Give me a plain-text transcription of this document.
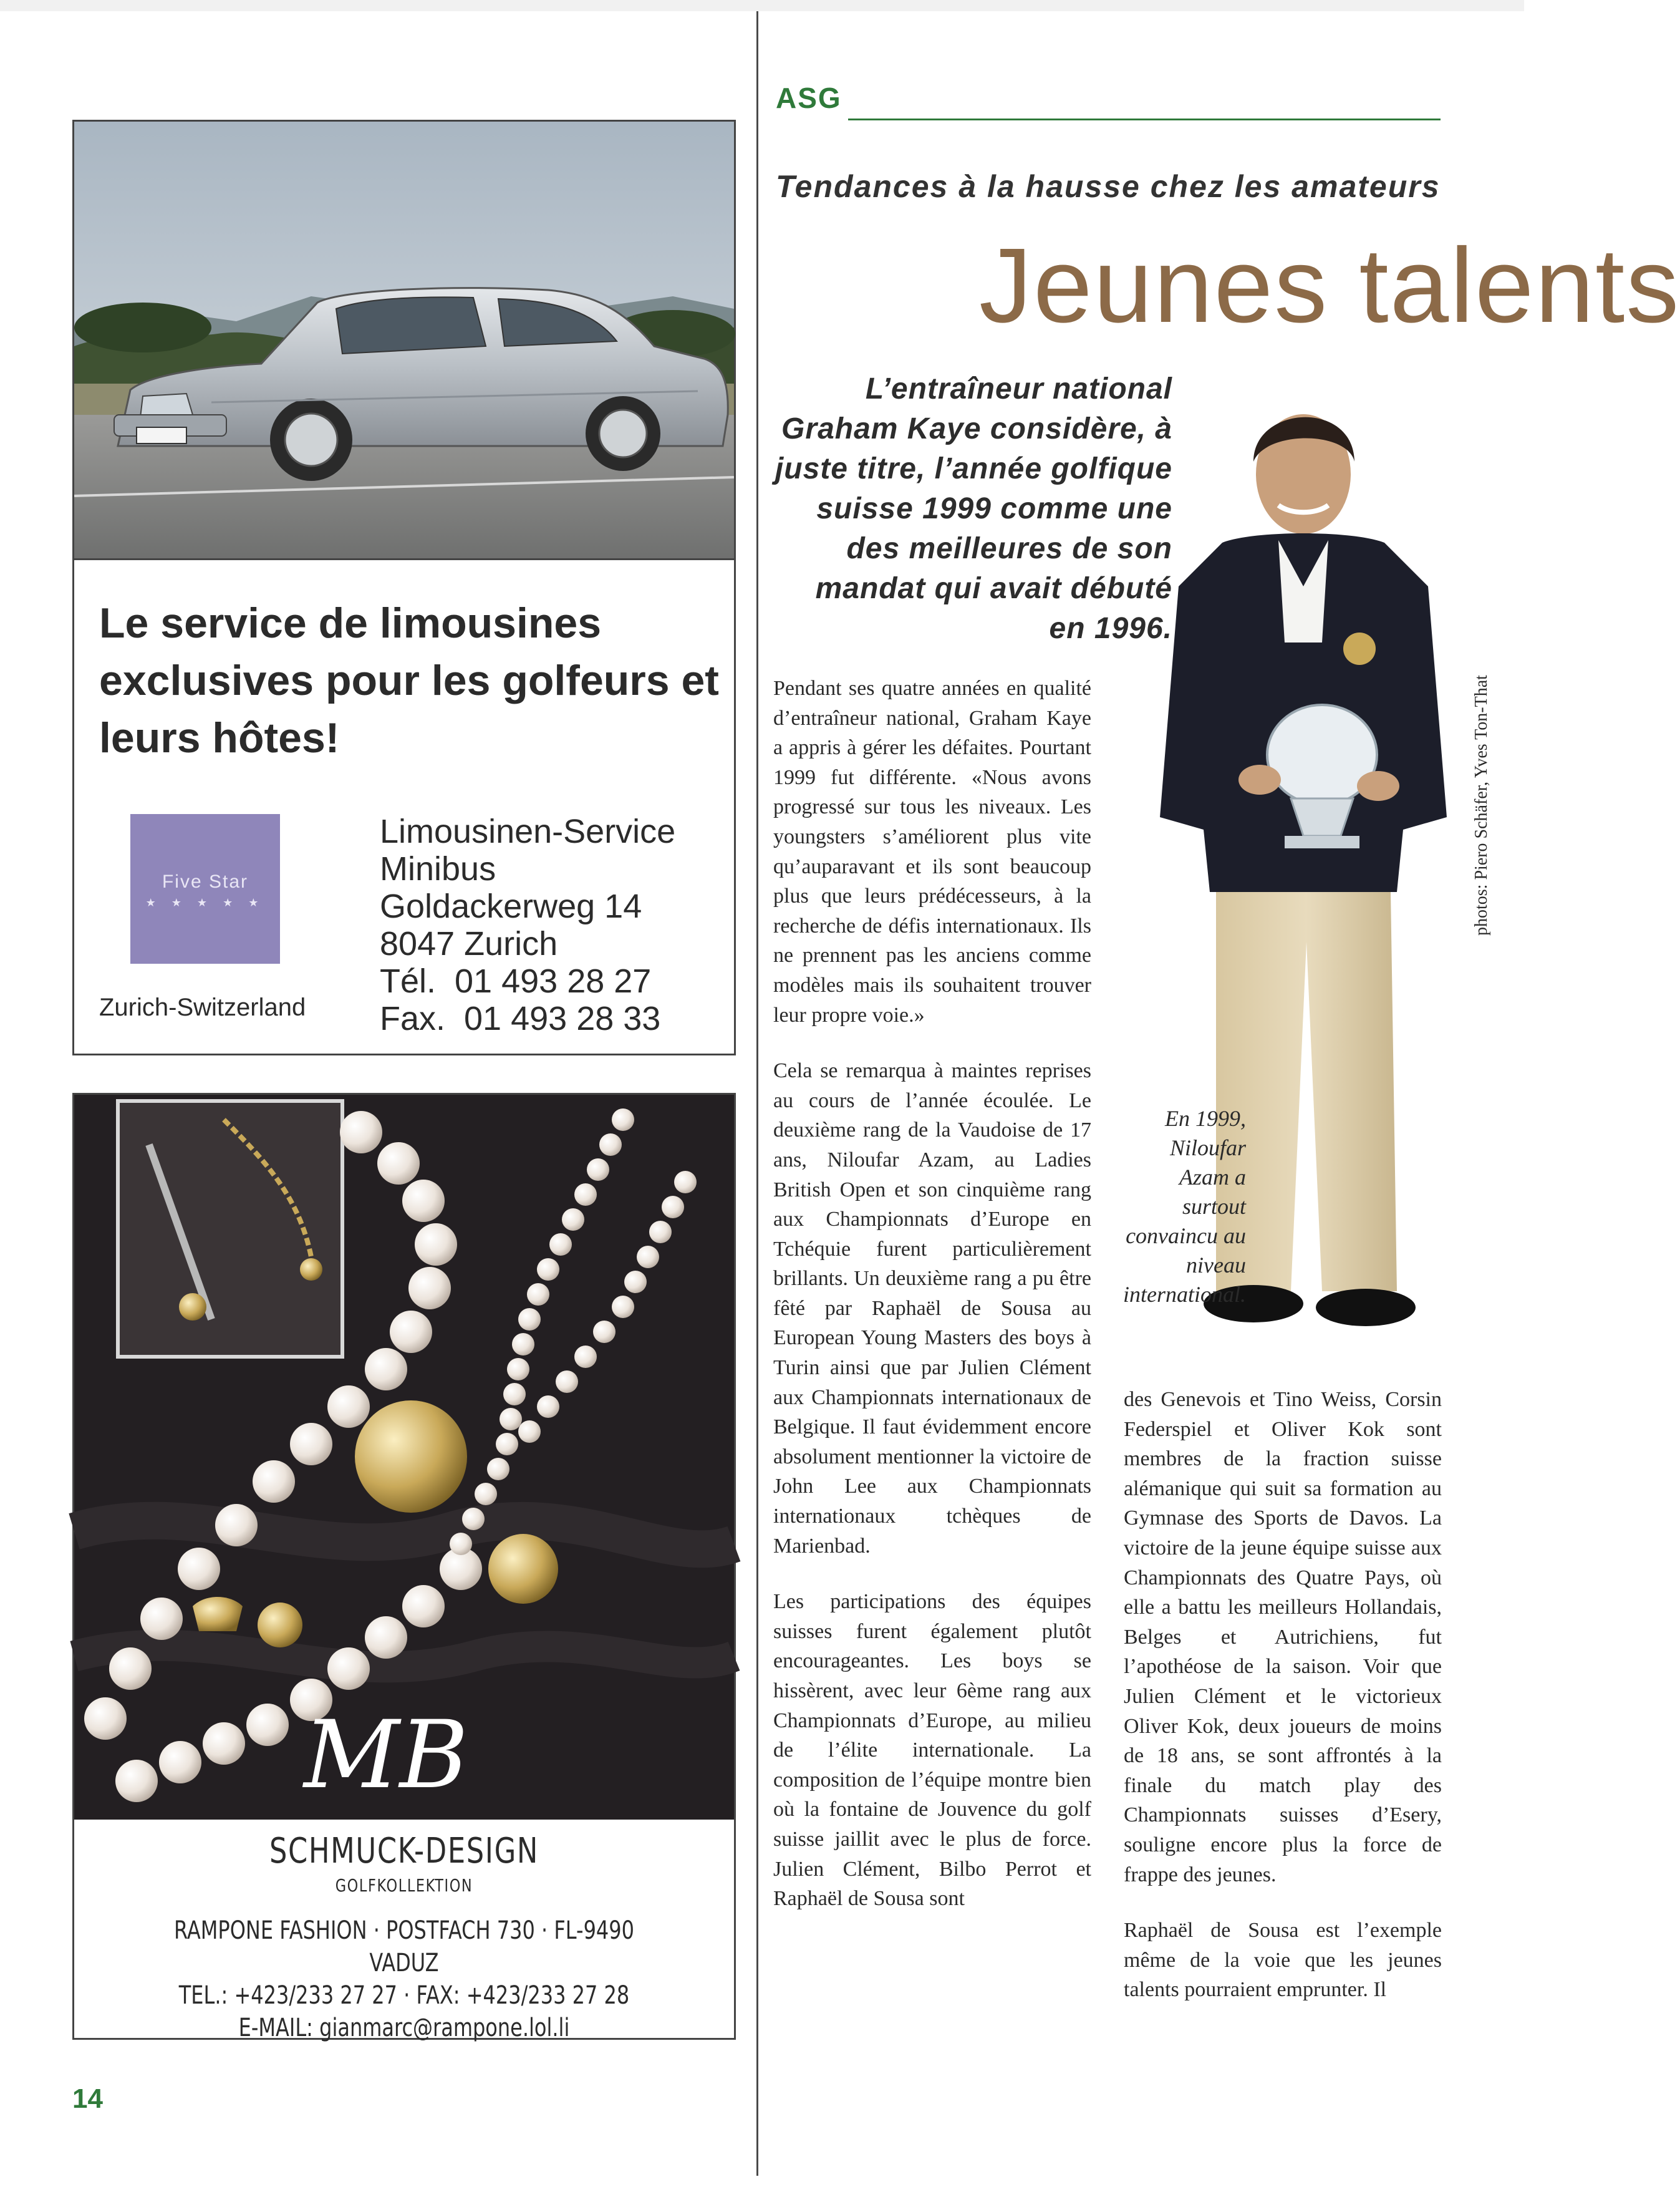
Le service de limousines exclusives pour les golfeurs et leurs hôtes!
Five Star
★ ★ ★ ★ ★
Zurich-Switzerland
Limousinen-Service
Minibus
Goldackerweg 14
8047 Zurich
Tél.  01 493 28 27
Fax.  01 493 28 33
MB
SCHMUCK-DESIGN
GOLFKOLLEKTION
RAMPONE FASHION · POSTFACH 730 · FL-9490 VADUZ
TEL.: +423/233 27 27 · FAX: +423/233 27 28
E-MAIL: gianmarc@rampone.lol.li
14
ASG
Tendances à la hausse chez les amateurs
Jeunes talents
L’entraîneur national Graham Kaye considère, à juste titre, l’année golfique suisse 1999 comme une des meilleures de son mandat qui avait débuté en 1996.

Pendant ses quatre années en qualité d’entraîneur national, Graham Kaye a appris à gérer les défaites. Pourtant 1999 fut différente. «Nous avons progressé sur tous les niveaux. Les youngsters s’améliorent plus vite qu’auparavant et ils sont beaucoup plus que leurs prédécesseurs, à la recherche de défis internationaux. Ils ne prennent pas les anciens comme modèles mais ils souhaitent trouver leur propre voie.»

Cela se remarqua à maintes reprises au cours de l’année écoulée. Le deuxième rang de la Vaudoise de 17 ans, Niloufar Azam, au Ladies British Open et son cinquième rang aux Championnats d’Europe en Tchéquie furent particulièrement brillants. Un deuxième rang a pu être fêté par Raphaël de Sousa au European Young Masters des boys à Turin ainsi que par Julien Clément aux Championnats internationaux de Belgique. Il faut évidemment encore absolument mentionner la victoire de John Lee aux Championnats internationaux tchèques de Marienbad.

Les participations des équipes suisses furent également plutôt encourageantes. Les boys se hissèrent, avec leur 6ème rang aux Championnats d’Europe, au milieu de l’élite internationale. La composition de l’équipe montre bien où la fontaine de Jouvence du golf suisse jaillit avec le plus de force. Julien Clément, Bilbo Perrot et Raphaël de Sousa sont

En 1999, Niloufar Azam a surtout convaincu au niveau international.
photos: Piero Schäfer, Yves Ton-That

des Genevois et Tino Weiss, Corsin Federspiel et Oliver Kok sont membres de la fraction suisse alémanique qui suit sa formation au Gymnase des Sports de Davos. La victoire de la jeune équipe suisse aux Championnats des Quatre Pays, où elle a battu les meilleurs Hollandais, Belges et Autrichiens, fut l’apothéose de la saison. Voir que Julien Clément et le victorieux Oliver Kok, deux joueurs de moins de 18 ans, se sont affrontés à la finale du match play des Championnats suisses d’Esery, souligne encore plus la force de frappe des jeunes.

Raphaël de Sousa est l’exemple même de la voie que les jeunes talents pourraient emprunter. Il
